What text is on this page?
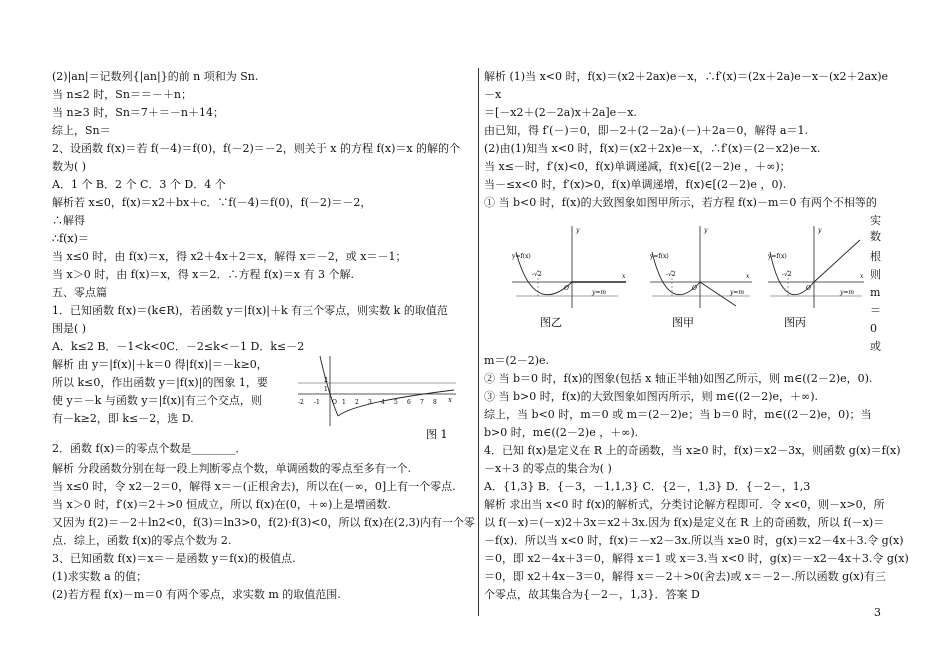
(2)|an|＝记数列{|an|}的前 n 项和为 Sn.
当 n≤2 时，Sn＝＝－＋n；
当 n≥3 时，Sn＝7＋＝－n＋14；
综上，Sn＝
2、设函数 f(x)＝若 f(－4)＝f(0)，f(－2)＝－2，则关于 x 的方程 f(x)＝x 的解的个
数为( )
A．1 个 B．2 个 C．3 个 D．4 个
解析若 x≤0，f(x)＝x2＋bx＋c．∵f(－4)＝f(0)，f(－2)＝－2，
∴解得
∴f(x)＝
当 x≤0 时，由 f(x)＝x，得 x2＋4x＋2＝x，解得 x＝－2，或 x＝－1；
当 x＞0 时，由 f(x)＝x，得 x＝2．∴方程 f(x)＝x 有 3 个解.
五、零点篇
1．已知函数 f(x)＝(k∈R)，若函数 y＝|f(x)|＋k 有三个零点，则实数 k 的取值范
围是( )
A．k≤2 B．－1<k<0C．－2≤k<－1 D．k≤－2
解析 由 y＝|f(x)|＋k＝0 得|f(x)|＝－k≥0，
所以 k≤0，作出函数 y＝|f(x)|的图象 1，要
使 y＝－k 与函数 y＝|f(x)|有三个交点，则
有－k≥2，即 k≤－2，选 D.
2．函数 f(x)＝的零点个数是________．
解析 分段函数分别在每一段上判断零点个数，单调函数的零点至多有一个.
当 x≤0 时，令 x2－2＝0，解得 x＝－(正根舍去)，所以在(－∞，0]上有一个零点.
当 x＞0 时，f′(x)＝2＋>0 恒成立，所以 f(x)在(0，＋∞)上是增函数.
又因为 f(2)＝－2＋ln2<0，f(3)＝ln3>0，f(2)·f(3)<0，所以 f(x)在(2,3)内有一个零
点．综上，函数 f(x)的零点个数为 2.
3、已知函数 f(x)＝x＝－是函数 y＝f(x)的极值点.
(1)求实数 a 的值；
(2)若方程 f(x)－m＝0 有两个零点，求实数 m 的取值范围.
-2 -1 O 1 2 3 4 5 6 7 8
2
1
x
图 1
解析 (1)当 x<0 时，f(x)＝(x2＋2ax)e－x，∴f′(x)＝(2x＋2a)e－x－(x2＋2ax)e
－x
＝[－x2＋(2－2a)x＋2a]e－x.
由已知，得 f′(－)＝0，即－2＋(2－2a)·(－)＋2a＝0，解得 a＝1.
(2)由(1)知当 x<0 时，f(x)＝(x2＋2x)e－x，∴f′(x)＝(2－x2)e－x.
当 x≤－时，f′(x)<0，f(x)单调递减，f(x)∈[(2－2)e ，＋∞)；
当－≤x<0 时，f′(x)>0，f(x)单调递增，f(x)∈[(2－2)e ，0).
① 当 b<0 时，f(x)的大致图象如图甲所示，若方程 f(x)－m＝0 有两个不相等的
m＝(2－2)e.
② 当 b＝0 时，f(x)的图象(包括 x 轴正半轴)如图乙所示，则 m∈((2－2)e，0).
③ 当 b>0 时，f(x)的大致图象如图丙所示，则 m∈((2－2)e，＋∞).
综上，当 b<0 时，m＝0 或 m＝(2－2)e；当 b＝0 时，m∈((2－2)e，0)；当
b>0 时，m∈((2－2)e ，＋∞).
4．已知 f(x)是定义在 R 上的奇函数，当 x≥0 时，f(x)＝x2－3x，则函数 g(x)＝f(x)
－x＋3 的零点的集合为( )
A．{1,3} B．{－3，－1,1,3} C．{2－，1,3} D．{－2－，1,3
解析 求出当 x<0 时 f(x)的解析式，分类讨论解方程即可．令 x<0，则－x>0，所
以 f(－x)＝(－x)2＋3x＝x2＋3x.因为 f(x)是定义在 R 上的奇函数，所以 f(－x)＝
－f(x)．所以当 x<0 时，f(x)＝－x2－3x.所以当 x≥0 时，g(x)＝x2－4x＋3.令 g(x)
＝0，即 x2－4x＋3＝0，解得 x＝1 或 x＝3.当 x<0 时，g(x)＝－x2－4x＋3.令 g(x)
＝0，即 x2＋4x－3＝0，解得 x＝－2＋>0(舍去)或 x＝－2－.所以函数 g(x)有三
个零点，故其集合为{－2－，1,3}．答案 D
实
数
根
则
m
＝
0
或
y=f(x)
-√2
O
x
y
y=m
图乙
y=f(x)
-√2
O
x
y
y=m
图甲
y=f(x)
-√2
O
x
y
y=m
图丙
3
